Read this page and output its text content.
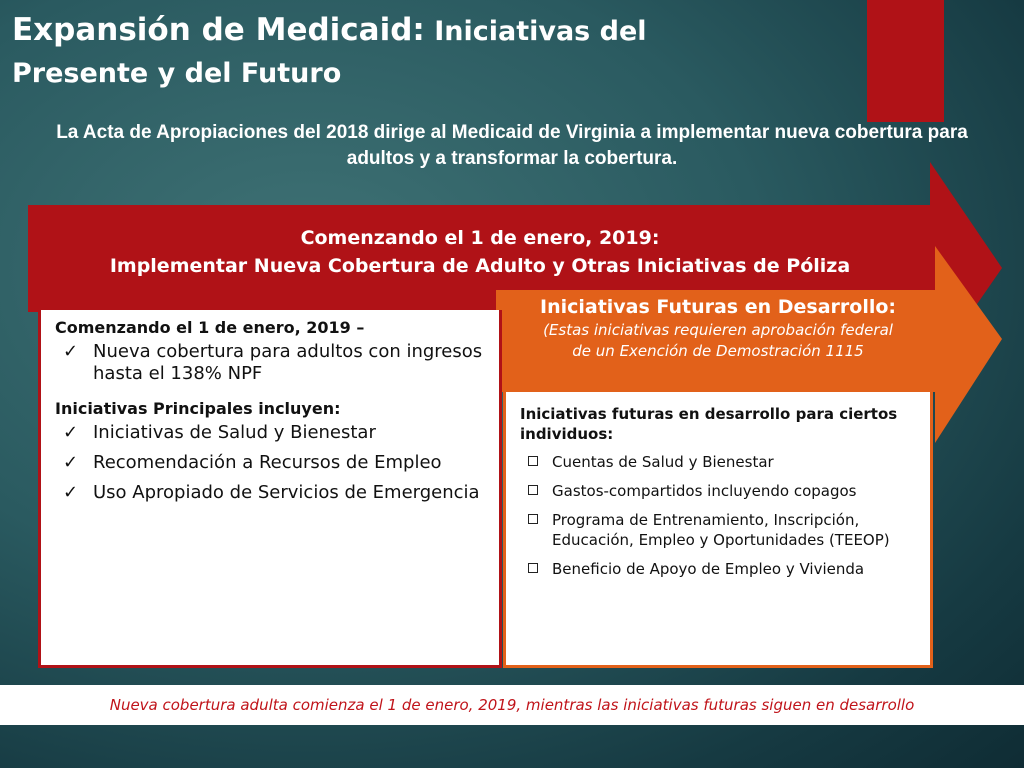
Expansión de Medicaid: Iniciativas del
Presente y del Futuro

La Acta de Apropiaciones del 2018 dirige al Medicaid de Virginia a implementar nueva cobertura para adultos y a transformar la cobertura.

Comenzando el 1 de enero, 2019:
Implementar Nueva Cobertura de Adulto y Otras Iniciativas de Póliza
Iniciativas Futuras en Desarrollo:
(Estas iniciativas requieren aprobación federal
de un Exención de Demostración 1115
Comenzando el 1 de enero, 2019 –
✓ Nueva cobertura para adultos con ingresos hasta el 138% NPF
Iniciativas Principales incluyen:
✓ Iniciativas de Salud y Bienestar
✓ Recomendación a Recursos de Empleo
✓ Uso Apropiado de Servicios de Emergencia
Iniciativas futuras en desarrollo para ciertos individuos:
Cuentas de Salud y Bienestar
Gastos-compartidos incluyendo copagos
Programa de Entrenamiento, Inscripción, Educación, Empleo y Oportunidades (TEEOP)
Beneficio de Apoyo de Empleo y Vivienda
Nueva cobertura adulta comienza el 1 de enero, 2019, mientras las iniciativas futuras siguen en desarrollo
